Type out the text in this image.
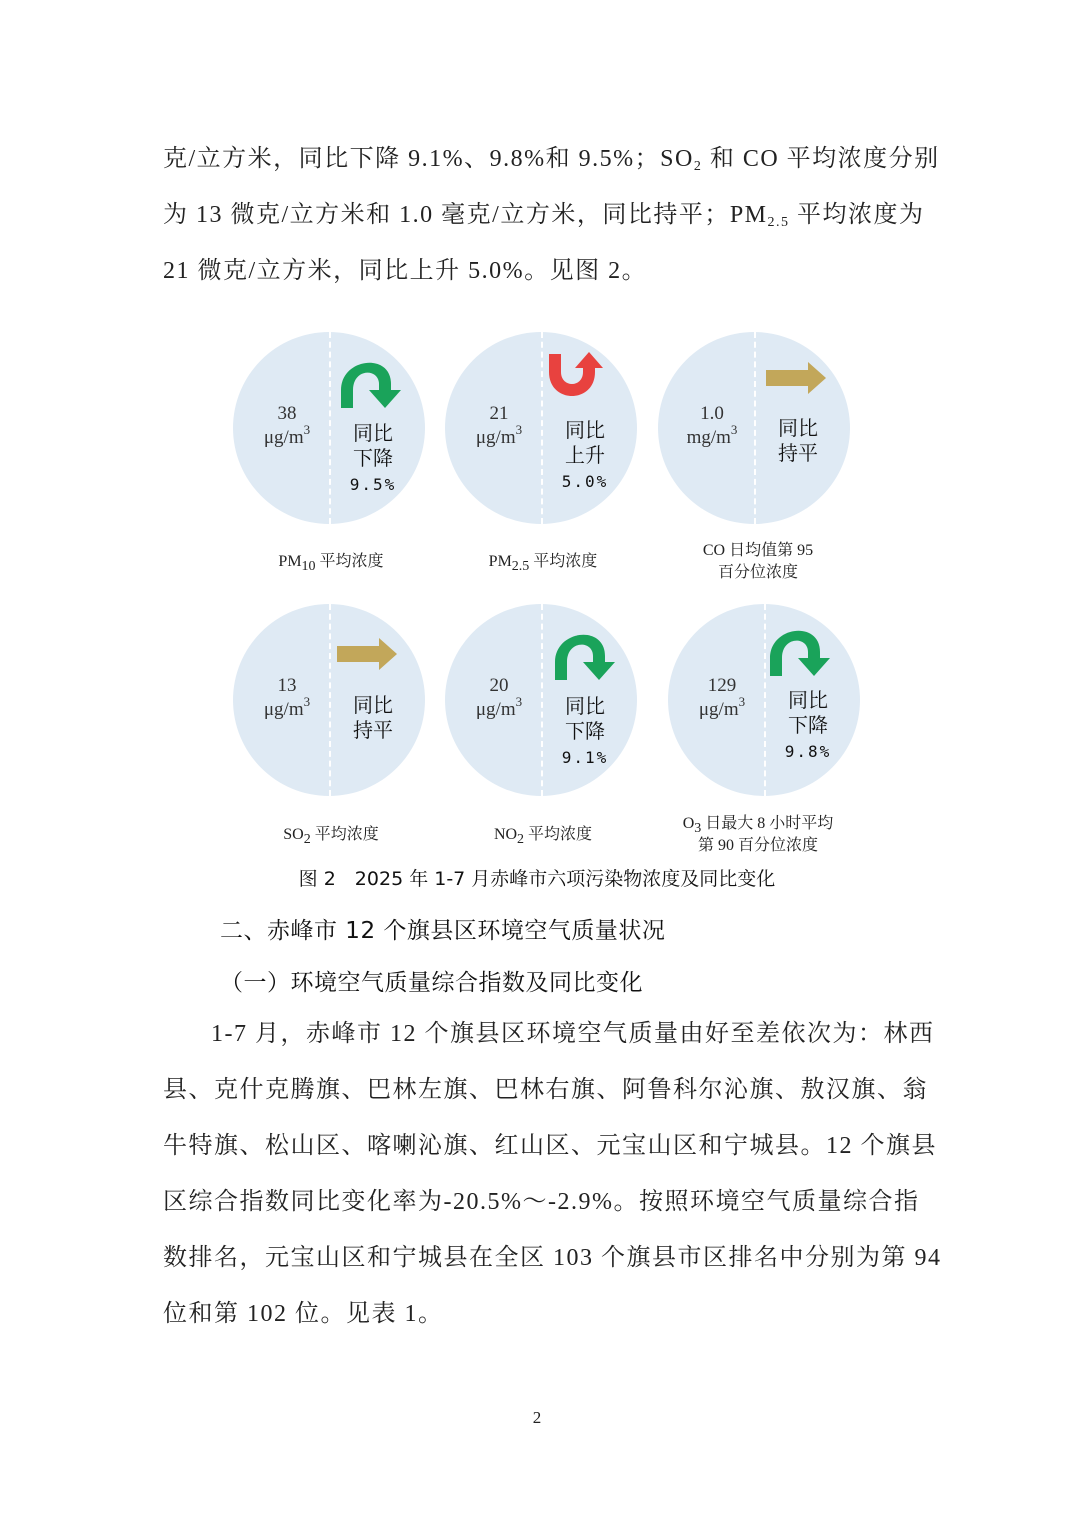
克/立方米，同比下降 9.1%、9.8%和 9.5%；$SO_2$ 和 CO 平均浓度分别
为 13 微克/立方米和 1.0 毫克/立方米，同比持平；$PM_{2.5}$ 平均浓度为
21 微克/立方米，同比上升 5.0%。见图 2。
38
$\mu g/m^3$	同比
下降
9.5%
$PM_{10}$ 平均浓度
21
$\mu g/m^3$	同比
上升
5.0%
$PM_{2.5}$ 平均浓度
1.0
$mg/m^3$	同比
持平
CO 日均值第 95
百分位浓度
13
$\mu g/m^3$	同比
持平
$SO_2$ 平均浓度
20
$\mu g/m^3$	同比
下降
9.1%
$NO_2$ 平均浓度
129
$\mu g/m^3$	同比
下降
9.8%
$O_3$ 日最大 8 小时平均
第 90 百分位浓度
图 2　2025 年 1-7 月赤峰市六项污染物浓度及同比变化
二、赤峰市 12 个旗县区环境空气质量状况
（一）环境空气质量综合指数及同比变化
1-7 月，赤峰市 12 个旗县区环境空气质量由好至差依次为：林西
县、克什克腾旗、巴林左旗、巴林右旗、阿鲁科尔沁旗、敖汉旗、翁
牛特旗、松山区、喀喇沁旗、红山区、元宝山区和宁城县。12 个旗县
区综合指数同比变化率为-20.5%～-2.9%。按照环境空气质量综合指
数排名，元宝山区和宁城县在全区 103 个旗县市区排名中分别为第 94
位和第 102 位。见表 1。
2
